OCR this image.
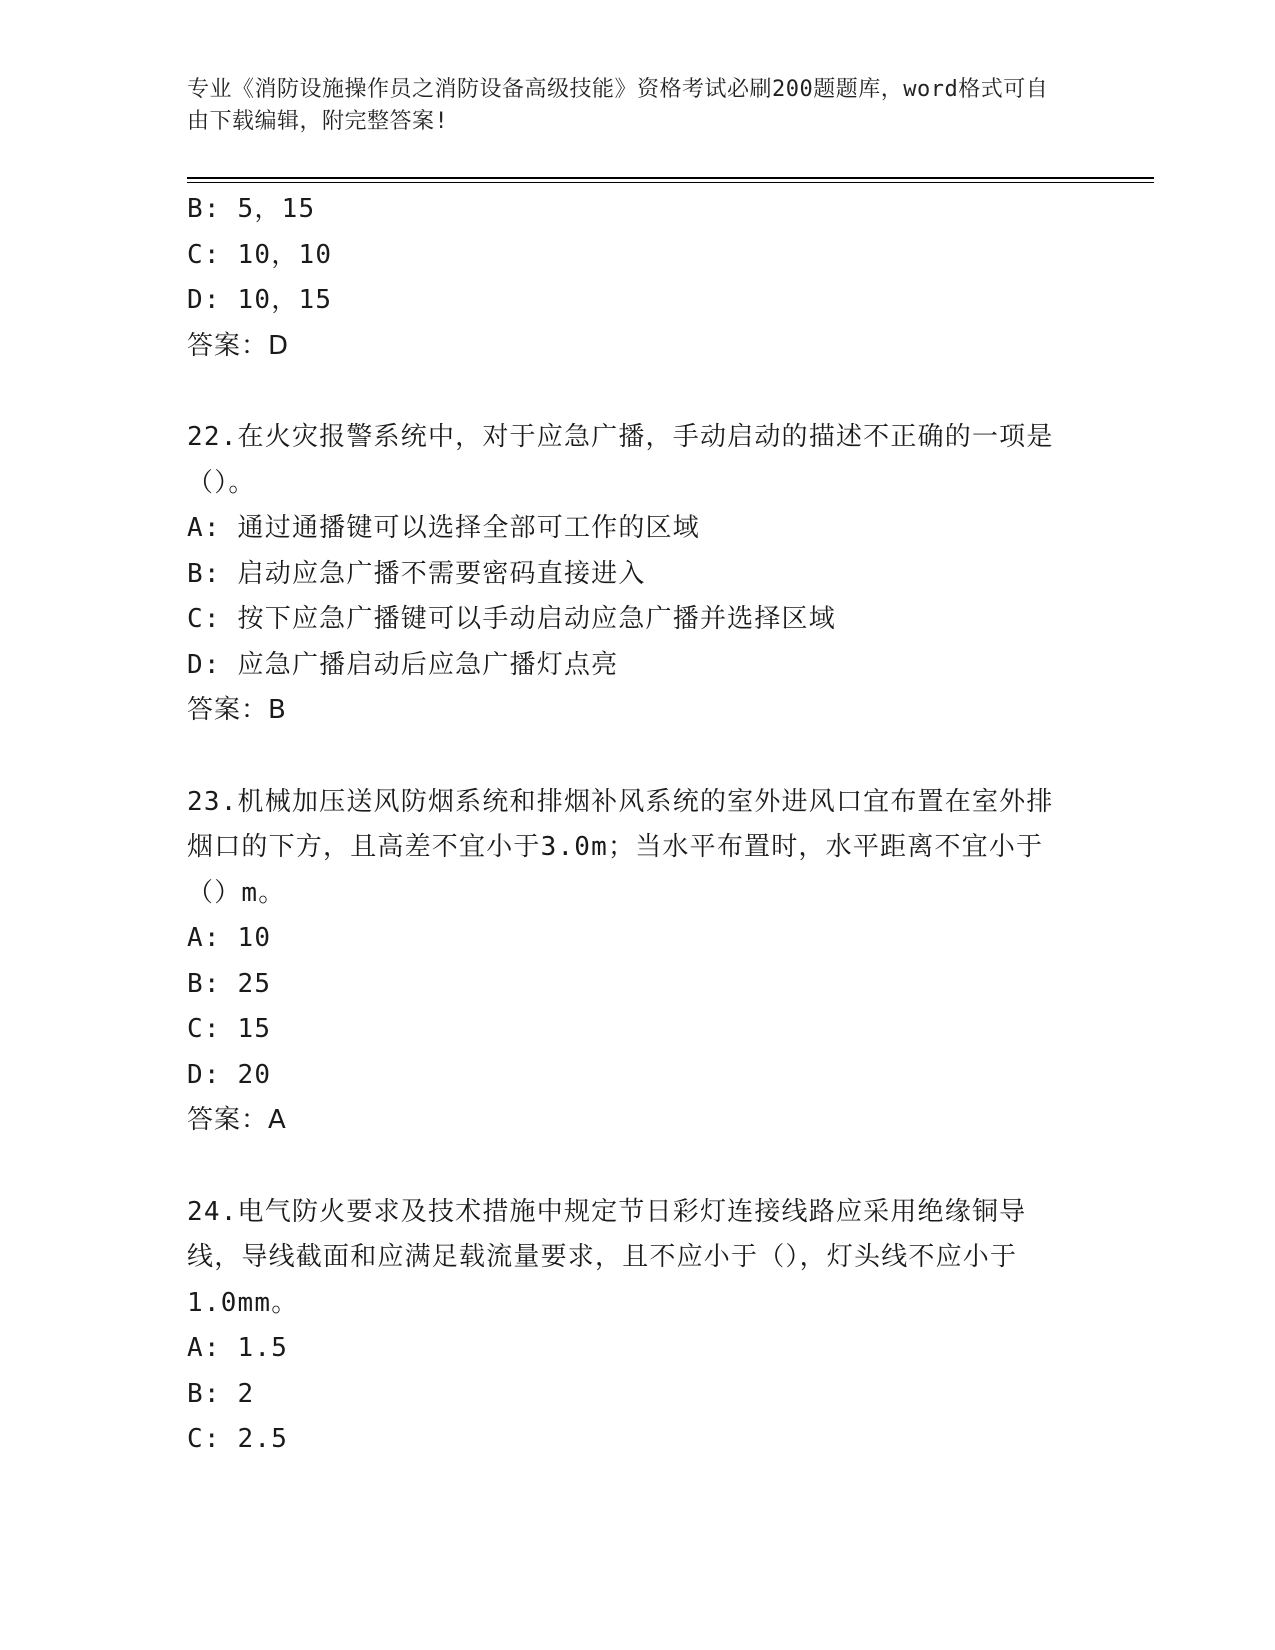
专业《消防设施操作员之消防设备高级技能》资格考试必刷200题题库，word格式可自由下载编辑，附完整答案!

B: 5，15

C: 10，10

D: 10，15

答案：D

22.在火灾报警系统中，对于应急广播，手动启动的描述不正确的一项是（）。

A: 通过通播键可以选择全部可工作的区域

B: 启动应急广播不需要密码直接进入

C: 按下应急广播键可以手动启动应急广播并选择区域

D: 应急广播启动后应急广播灯点亮

答案：B

23.机械加压送风防烟系统和排烟补风系统的室外进风口宜布置在室外排烟口的下方，且高差不宜小于3.0m；当水平布置时，水平距离不宜小于（）m。

A: 10

B: 25

C: 15

D: 20

答案：A

24.电气防火要求及技术措施中规定节日彩灯连接线路应采用绝缘铜导线，导线截面和应满足载流量要求，且不应小于（），灯头线不应小于1.0mm。

A: 1.5

B: 2

C: 2.5
